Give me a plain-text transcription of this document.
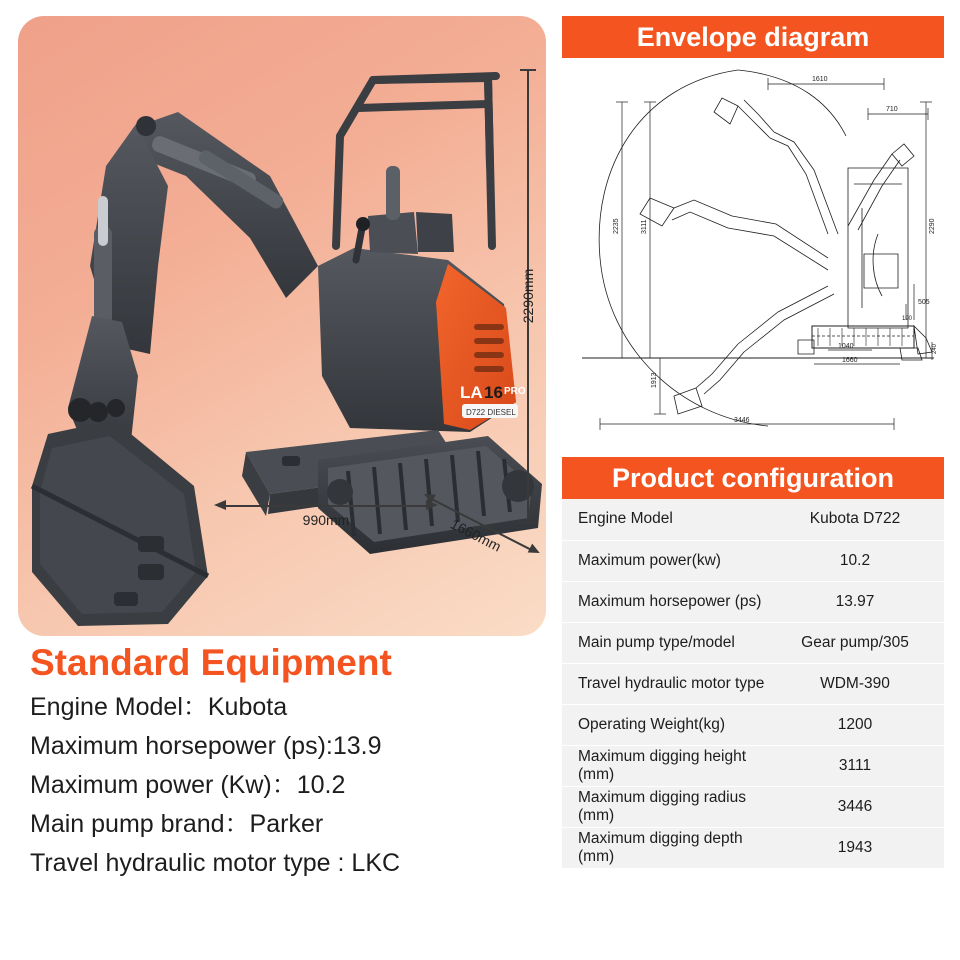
LA 16 PRO
D722 DIESEL
2290mm
990mm	1660mm
Standard Equipment
Engine Model：Kubota
Maximum horsepower (ps):13.9
Maximum power (Kw)：10.2
Main pump brand：Parker
Travel hydraulic motor type : LKC
Envelope diagram
1610
710
2290
2235	3111
505
190
1040
1660
240
1913
3446
Product configuration
Engine Model	Kubota D722
Maximum power(kw)	10.2
Maximum horsepower (ps)	13.97
Main pump type/model	Gear pump/305
Travel hydraulic motor type	WDM-390
Operating Weight(kg)	1200
Maximum digging height (mm)	3111
Maximum digging radius (mm)	3446
Maximum digging depth (mm)	1943
